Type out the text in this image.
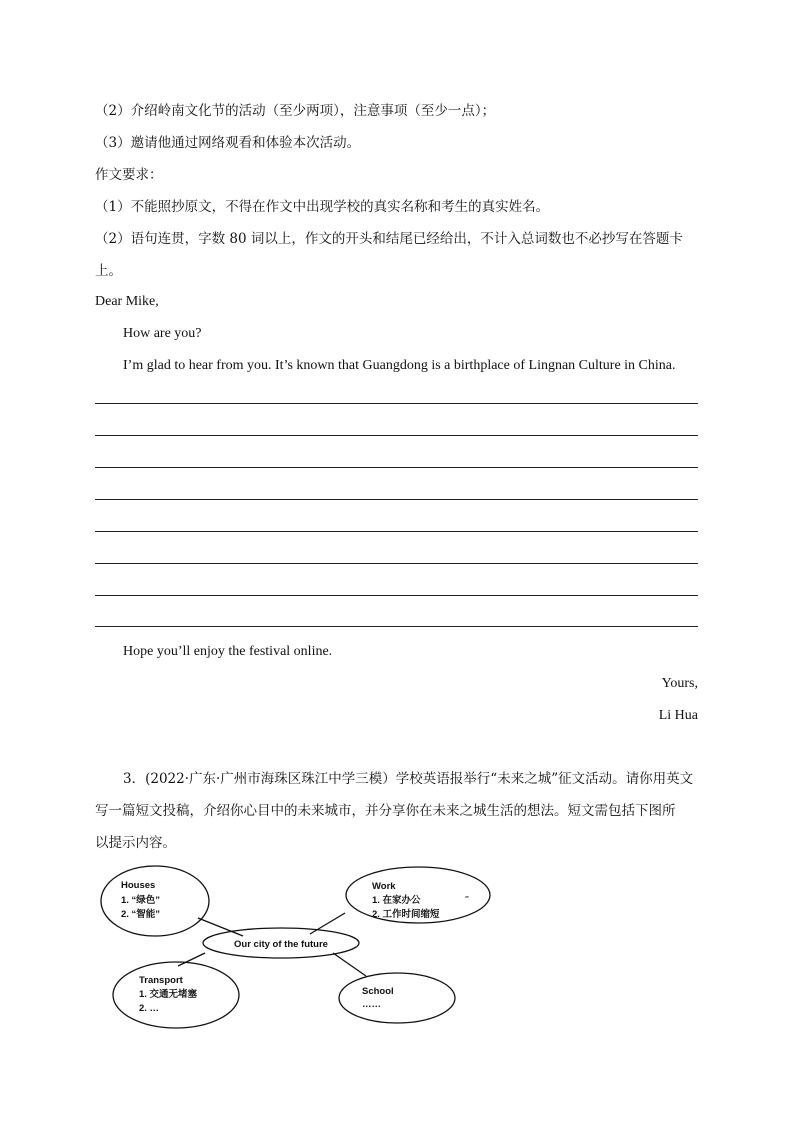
（2）介绍岭南文化节的活动（至少两项），注意事项（至少一点）；
（3）邀请他通过网络观看和体验本次活动。
作文要求：
（1）不能照抄原文，不得在作文中出现学校的真实名称和考生的真实姓名。
（2）语句连贯，字数 80 词以上，作文的开头和结尾已经给出，不计入总词数也不必抄写在答题卡
上。
Dear Mike,
How are you?
I’m glad to hear from you. It’s known that Guangdong is a birthplace of Lingnan Culture in China.
Hope you’ll enjoy the festival online.
Yours,
Li Hua
3．(2022·广东·广州市海珠区珠江中学三模）学校英语报举行“未来之城”征文活动。请你用英文
写一篇短文投稿，介绍你心目中的未来城市，并分享你在未来之城生活的想法。短文需包括下图所
以提示内容。
Houses
1. “绿色”
2. “智能”
Work
1. 在家办公
2. 工作时间缩短
ꟹ
Our city of the future
Transport
1. 交通无堵塞
2. …
School
……
